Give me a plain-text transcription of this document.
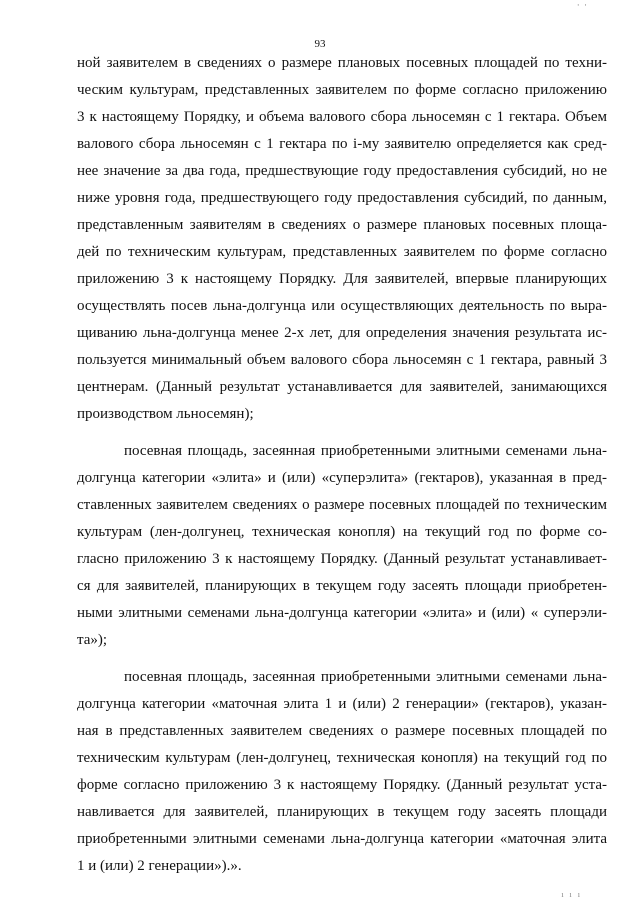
· ·
93
ной заявителем в сведениях о размере плановых посевных площадей по техни-
ческим культурам, представленных заявителем по форме согласно приложению
3 к настоящему Порядку, и объема валового сбора льносемян с 1 гектара. Объем
валового сбора льносемян с 1 гектара по i-му заявителю определяется как сред-
нее значение за два года, предшествующие году предоставления субсидий, но не
ниже уровня года, предшествующего году предоставления субсидий, по данным,
представленным заявителям в сведениях о размере плановых посевных площа-
дей по техническим культурам, представленных заявителем по форме согласно
приложению 3 к настоящему Порядку. Для заявителей, впервые планирующих
осуществлять посев льна-долгунца или осуществляющих деятельность по выра-
щиванию льна-долгунца менее 2-х лет, для определения значения результата ис-
пользуется минимальный объем валового сбора льносемян с 1 гектара, равный 3
центнерам. (Данный результат устанавливается для заявителей, занимающихся
производством льносемян);
посевная площадь, засеянная приобретенными элитными семенами льна-
долгунца категории «элита» и (или) «суперэлита» (гектаров), указанная в пред-
ставленных заявителем сведениях о размере посевных площадей по техническим
культурам (лен-долгунец, техническая конопля) на текущий год по форме со-
гласно приложению 3 к настоящему Порядку. (Данный результат устанавливает-
ся для заявителей, планирующих в текущем году засеять площади приобретен-
ными элитными семенами льна-долгунца категории «элита» и (или) « суперэли-
та»);
посевная площадь, засеянная приобретенными элитными семенами льна-
долгунца категории «маточная элита 1 и (или) 2 генерации» (гектаров), указан-
ная в представленных заявителем сведениях о размере посевных площадей по
техническим культурам (лен-долгунец, техническая конопля) на текущий год по
форме согласно приложению 3 к настоящему Порядку. (Данный результат уста-
навливается для заявителей, планирующих в текущем году засеять площади
приобретенными элитными семенами льна-долгунца категории «маточная элита
1 и (или) 2 генерации»).».
ı ı ı
